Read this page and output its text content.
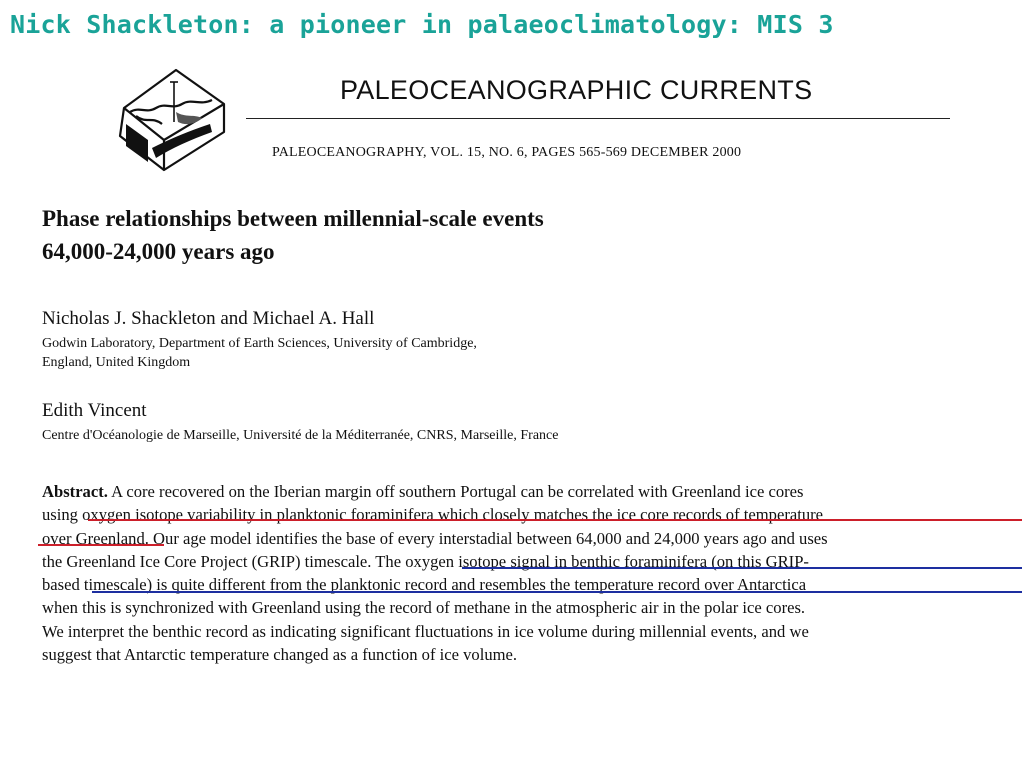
Nick Shackleton: a pioneer in palaeoclimatology: MIS 3
PALEOCEANOGRAPHIC CURRENTS
PALEOCEANOGRAPHY, VOL. 15, NO. 6, PAGES 565-569 DECEMBER 2000
Phase relationships between millennial-scale events
64,000-24,000 years ago
Nicholas J. Shackleton and Michael A. Hall
Godwin Laboratory, Department of Earth Sciences, University of Cambridge,
England, United Kingdom
Edith Vincent
Centre d'Océanologie de Marseille, Université de la Méditerranée, CNRS, Marseille, France
Abstract. A core recovered on the Iberian margin off southern Portugal can be correlated with Greenland ice cores
using oxygen isotope variability in planktonic foraminifera which closely matches the ice core records of temperature
over Greenland. Our age model identifies the base of every interstadial between 64,000 and 24,000 years ago and uses
the Greenland Ice Core Project (GRIP) timescale. The oxygen isotope signal in benthic foraminifera (on this GRIP-
based timescale) is quite different from the planktonic record and resembles the temperature record over Antarctica
when this is synchronized with Greenland using the record of methane in the atmospheric air in the polar ice cores.
We interpret the benthic record as indicating significant fluctuations in ice volume during millennial events, and we
suggest that Antarctic temperature changed as a function of ice volume.
